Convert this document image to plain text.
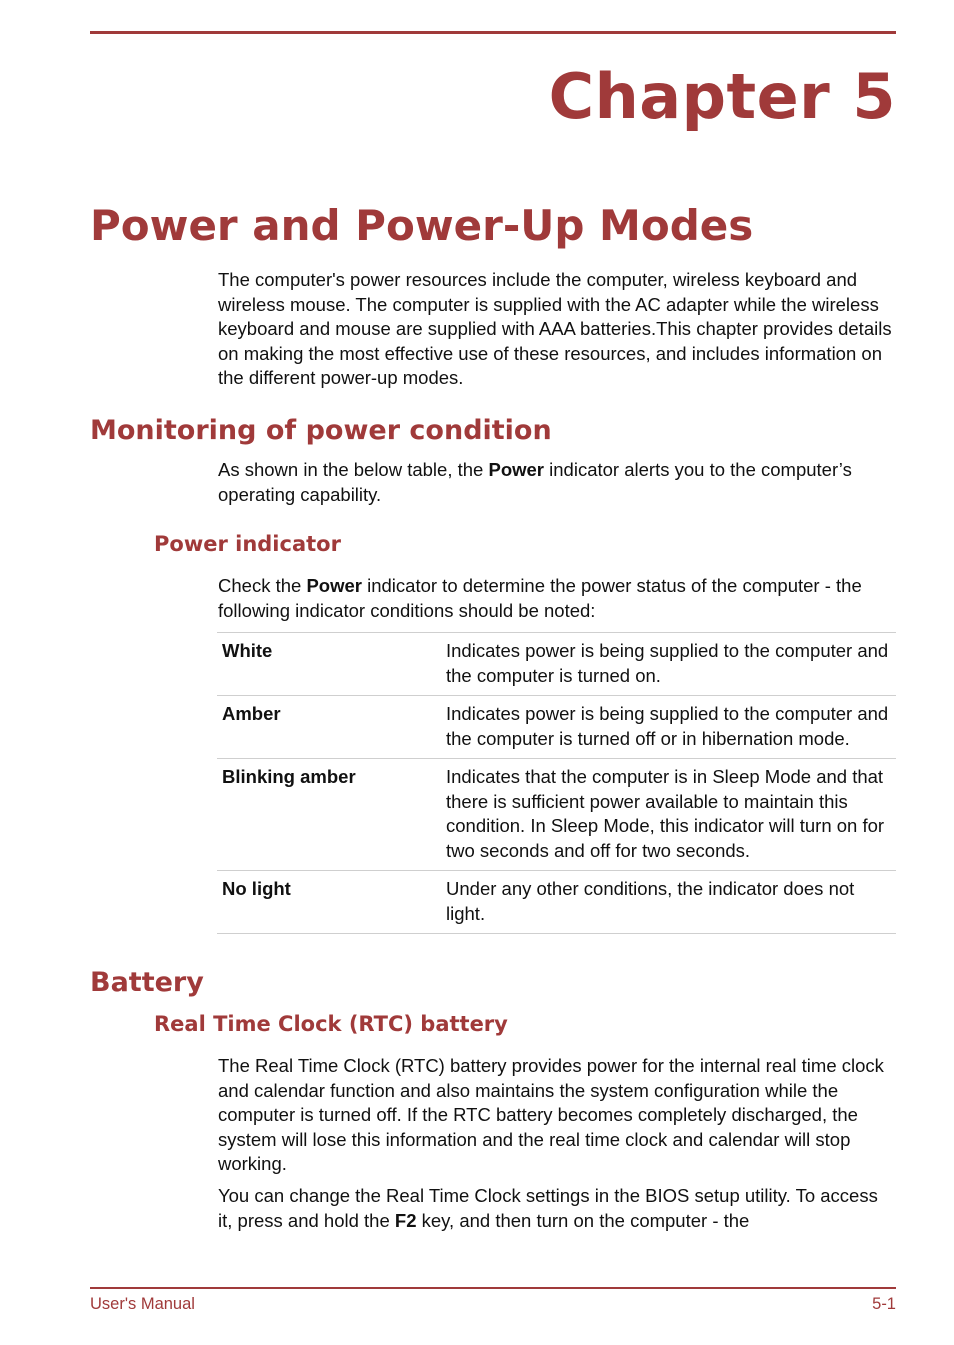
Chapter 5
Power and Power-Up Modes
The computer's power resources include the computer, wireless keyboard and wireless mouse. The computer is supplied with the AC adapter while the wireless keyboard and mouse are supplied with AAA batteries.This chapter provides details on making the most effective use of these resources, and includes information on the different power-up modes.
Monitoring of power condition
As shown in the below table, the Power indicator alerts you to the computer’s operating capability.
Power indicator
Check the Power indicator to determine the power status of the computer - the following indicator conditions should be noted:
White	Indicates power is being supplied to the computer and the computer is turned on.
Amber	Indicates power is being supplied to the computer and the computer is turned off or in hibernation mode.
Blinking amber	Indicates that the computer is in Sleep Mode and that there is sufficient power available to maintain this condition. In Sleep Mode, this indicator will turn on for two seconds and off for two seconds.
No light	Under any other conditions, the indicator does not light.
Battery
Real Time Clock (RTC) battery
The Real Time Clock (RTC) battery provides power for the internal real time clock and calendar function and also maintains the system configuration while the computer is turned off. If the RTC battery becomes completely discharged, the system will lose this information and the real time clock and calendar will stop working.
You can change the Real Time Clock settings in the BIOS setup utility. To access it, press and hold the F2 key, and then turn on the computer - the
User's Manual	5-1
